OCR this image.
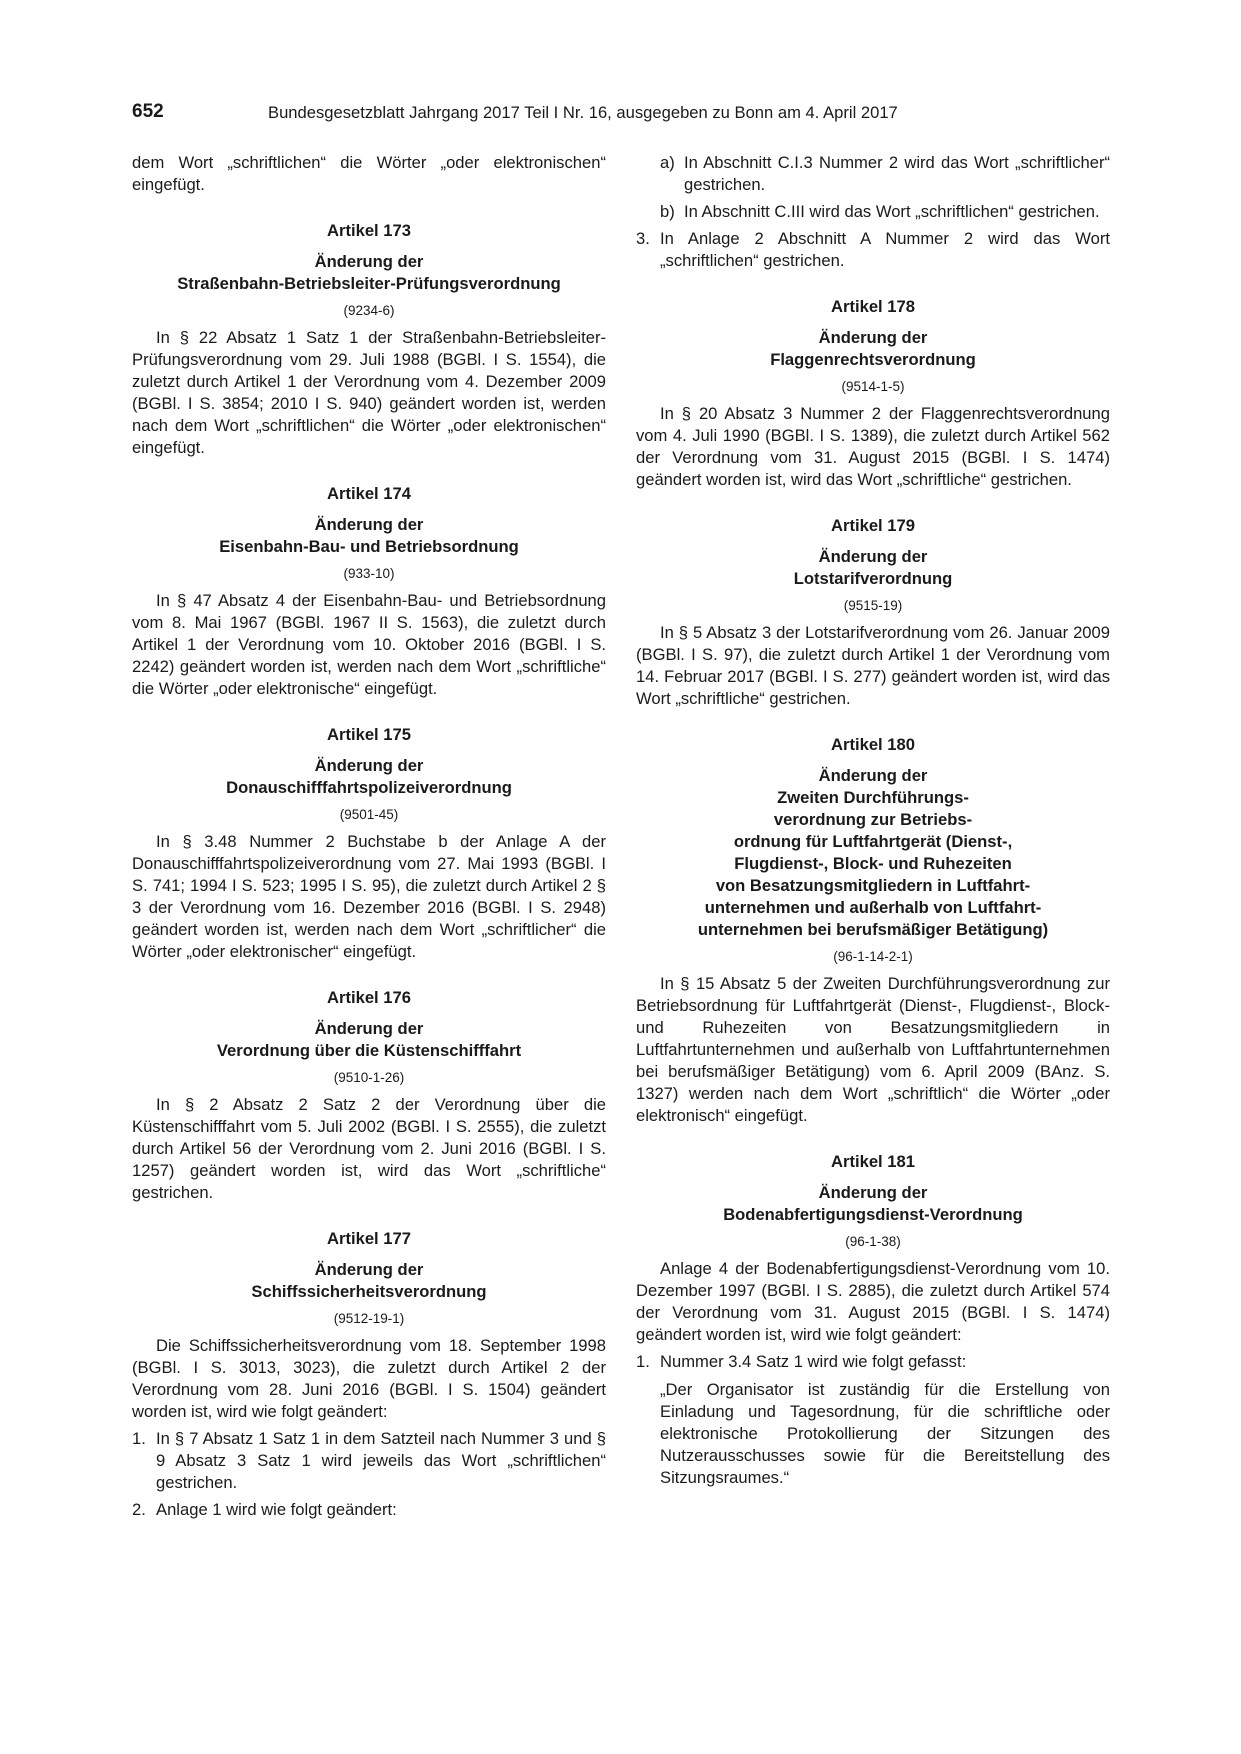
652	Bundesgesetzblatt Jahrgang 2017 Teil I Nr. 16, ausgegeben zu Bonn am 4. April 2017

dem Wort „schriftlichen“ die Wörter „oder elektronischen“ eingefügt.

Artikel 173
Änderung der
Straßenbahn-Betriebsleiter-Prüfungsverordnung
(9234-6)

In § 22 Absatz 1 Satz 1 der Straßenbahn-Betriebsleiter-Prüfungsverordnung vom 29. Juli 1988 (BGBl. I S. 1554), die zuletzt durch Artikel 1 der Verordnung vom 4. Dezember 2009 (BGBl. I S. 3854; 2010 I S. 940) geändert worden ist, werden nach dem Wort „schriftlichen“ die Wörter „oder elektronischen“ eingefügt.

Artikel 174
Änderung der
Eisenbahn-Bau- und Betriebsordnung
(933-10)

In § 47 Absatz 4 der Eisenbahn-Bau- und Betriebsordnung vom 8. Mai 1967 (BGBl. 1967 II S. 1563), die zuletzt durch Artikel 1 der Verordnung vom 10. Oktober 2016 (BGBl. I S. 2242) geändert worden ist, werden nach dem Wort „schriftliche“ die Wörter „oder elektronische“ eingefügt.

Artikel 175
Änderung der
Donauschifffahrtspolizeiverordnung
(9501-45)

In § 3.48 Nummer 2 Buchstabe b der Anlage A der Donauschifffahrtspolizeiverordnung vom 27. Mai 1993 (BGBl. I S. 741; 1994 I S. 523; 1995 I S. 95), die zuletzt durch Artikel 2 § 3 der Verordnung vom 16. Dezember 2016 (BGBl. I S. 2948) geändert worden ist, werden nach dem Wort „schriftlicher“ die Wörter „oder elektronischer“ eingefügt.

Artikel 176
Änderung der
Verordnung über die Küstenschifffahrt
(9510-1-26)

In § 2 Absatz 2 Satz 2 der Verordnung über die Küstenschifffahrt vom 5. Juli 2002 (BGBl. I S. 2555), die zuletzt durch Artikel 56 der Verordnung vom 2. Juni 2016 (BGBl. I S. 1257) geändert worden ist, wird das Wort „schriftliche“ gestrichen.

Artikel 177
Änderung der
Schiffssicherheitsverordnung
(9512-19-1)

Die Schiffssicherheitsverordnung vom 18. September 1998 (BGBl. I S. 3013, 3023), die zuletzt durch Artikel 2 der Verordnung vom 28. Juni 2016 (BGBl. I S. 1504) geändert worden ist, wird wie folgt geändert:

1. In § 7 Absatz 1 Satz 1 in dem Satzteil nach Nummer 3 und § 9 Absatz 3 Satz 1 wird jeweils das Wort „schriftlichen“ gestrichen.
2. Anlage 1 wird wie folgt geändert:
a) In Abschnitt C.I.3 Nummer 2 wird das Wort „schriftlicher“ gestrichen.
b) In Abschnitt C.III wird das Wort „schriftlichen“ gestrichen.
3. In Anlage 2 Abschnitt A Nummer 2 wird das Wort „schriftlichen“ gestrichen.
Artikel 178
Änderung der
Flaggenrechtsverordnung
(9514-1-5)

In § 20 Absatz 3 Nummer 2 der Flaggenrechtsverordnung vom 4. Juli 1990 (BGBl. I S. 1389), die zuletzt durch Artikel 562 der Verordnung vom 31. August 2015 (BGBl. I S. 1474) geändert worden ist, wird das Wort „schriftliche“ gestrichen.

Artikel 179
Änderung der
Lotstarifverordnung
(9515-19)

In § 5 Absatz 3 der Lotstarifverordnung vom 26. Januar 2009 (BGBl. I S. 97), die zuletzt durch Artikel 1 der Verordnung vom 14. Februar 2017 (BGBl. I S. 277) geändert worden ist, wird das Wort „schriftliche“ gestrichen.

Artikel 180
Änderung der
Zweiten Durchführungs-
verordnung zur Betriebs-
ordnung für Luftfahrtgerät (Dienst-,
Flugdienst-, Block- und Ruhezeiten
von Besatzungsmitgliedern in Luftfahrt-
unternehmen und außerhalb von Luftfahrt-
unternehmen bei berufsmäßiger Betätigung)
(96-1-14-2-1)

In § 15 Absatz 5 der Zweiten Durchführungsverordnung zur Betriebsordnung für Luftfahrtgerät (Dienst-, Flugdienst-, Block- und Ruhezeiten von Besatzungsmitgliedern in Luftfahrtunternehmen und außerhalb von Luftfahrtunternehmen bei berufsmäßiger Betätigung) vom 6. April 2009 (BAnz. S. 1327) werden nach dem Wort „schriftlich“ die Wörter „oder elektronisch“ eingefügt.

Artikel 181
Änderung der
Bodenabfertigungsdienst-Verordnung
(96-1-38)

Anlage 4 der Bodenabfertigungsdienst-Verordnung vom 10. Dezember 1997 (BGBl. I S. 2885), die zuletzt durch Artikel 574 der Verordnung vom 31. August 2015 (BGBl. I S. 1474) geändert worden ist, wird wie folgt geändert:

1. Nummer 3.4 Satz 1 wird wie folgt gefasst:
„Der Organisator ist zuständig für die Erstellung von Einladung und Tagesordnung, für die schriftliche oder elektronische Protokollierung der Sitzungen des Nutzerausschusses sowie für die Bereitstellung des Sitzungsraumes.“
